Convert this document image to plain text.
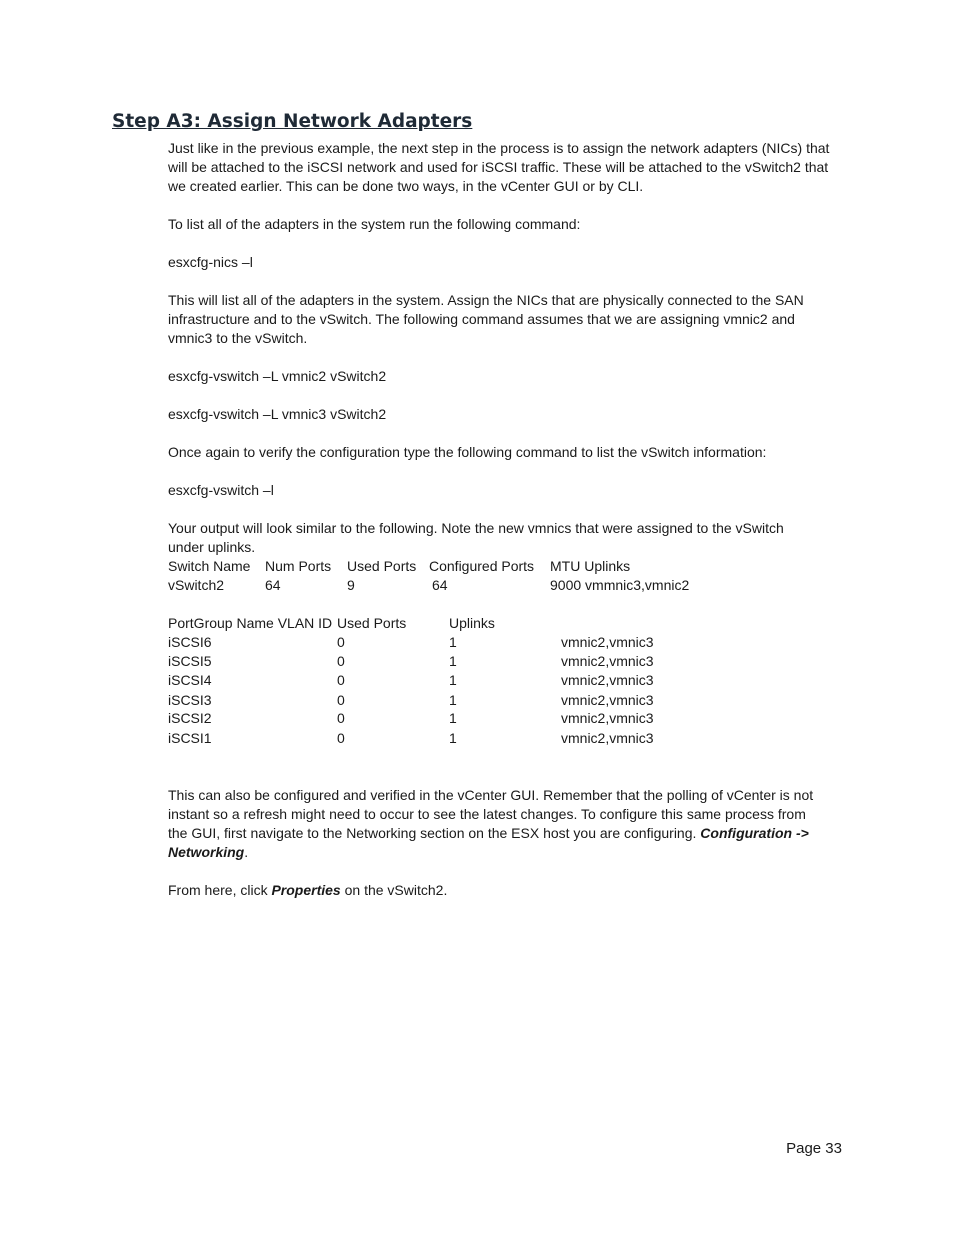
Step A3: Assign Network Adapters

Just like in the previous example, the next step in the process is to assign the network adapters (NICs) that

will be attached to the iSCSI network and used for iSCSI traffic. These will be attached to the vSwitch2 that

we created earlier. This can be done two ways, in the vCenter GUI or by CLI.

To list all of the adapters in the system run the following command:

esxcfg-nics –l

This will list all of the adapters in the system. Assign the NICs that are physically connected to the SAN

infrastructure and to the vSwitch. The following command assumes that we are assigning vmnic2 and

vmnic3 to the vSwitch.

esxcfg-vswitch –L vmnic2 vSwitch2

esxcfg-vswitch –L vmnic3 vSwitch2

Once again to verify the configuration type the following command to list the vSwitch information:

esxcfg-vswitch –l

Your output will look similar to the following. Note the new vmnics that were assigned to the vSwitch

under uplinks.

Switch Name Num Ports Used Ports Configured Ports MTU Uplinks
vSwitch2	64	9	64	9000 vmmnic3,vmnic2
PortGroup Name VLAN ID Used Ports	Uplinks
iSCSI6	0	1	vmnic2,vmnic3
iSCSI5	0	1	vmnic2,vmnic3
iSCSI4	0	1	vmnic2,vmnic3
iSCSI3	0	1	vmnic2,vmnic3
iSCSI2	0	1	vmnic2,vmnic3
iSCSI1	0	1	vmnic2,vmnic3

This can also be configured and verified in the vCenter GUI. Remember that the polling of vCenter is not

instant so a refresh might need to occur to see the latest changes. To configure this same process from

the GUI, first navigate to the Networking section on the ESX host you are configuring. Configuration ->

Networking.

From here, click Properties on the vSwitch2.

Page 33
